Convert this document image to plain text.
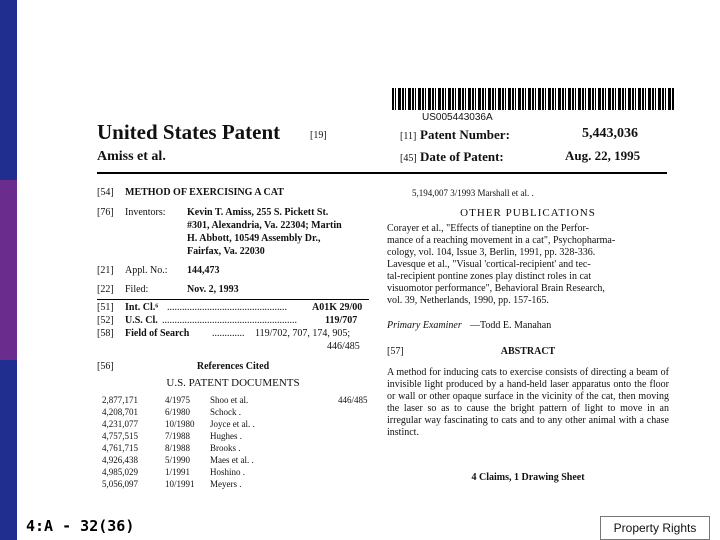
US005443036A
United States Patent	[19]
Amiss et al.
[11] Patent Number:	5,443,036
[45] Date of Patent:	Aug. 22, 1995
[54] METHOD OF EXERCISING A CAT
[76] Inventors: Kevin T. Amiss, 255 S. Pickett St.
#301, Alexandria, Va. 22304; Martin
H. Abbott, 10549 Assembly Dr.,
Fairfax, Va. 22030
[21] Appl. No.: 144,473
[22] Filed:	Nov. 2, 1993
[51] Int. Cl.⁶ ................................................	A01K 29/00
[52] U.S. Cl. ......................................................	119/707
[58] Field of Search .............	119/702, 707, 174, 905;
446/485
[56]	References Cited
U.S. PATENT DOCUMENTS
2,877,171	4/1975 Shoo et al.	446/485
4,208,701	6/1980 Schock .
4,231,077	10/1980 Joyce et al. .
4,757,515	7/1988 Hughes .
4,761,715	8/1988 Brooks .
4,926,438	5/1990 Maes et al. .
4,985,029	1/1991 Hoshino .
5,056,097	10/1991 Meyers .
5,194,007 3/1993 Marshall et al. .
OTHER PUBLICATIONS
Corayer et al., "Effects of tianeptine on the Perfor-
mance of a reaching movement in a cat", Psychopharma-
cology, vol. 104, Issue 3, Berlin, 1991, pp. 328-336.
Lavesque et al., "Visual 'cortical-recipient' and tec-
tal-recipient pontine zones play distinct roles in cat
visuomotor performance", Behavioral Brain Research,
vol. 39, Netherlands, 1990, pp. 157-165.
Primary Examiner —Todd E. Manahan
[57]	ABSTRACT
A method for inducing cats to exercise consists of directing a beam of invisible light produced by a hand-held laser apparatus onto the floor or wall or other opaque surface in the vicinity of the cat, then moving the laser so as to cause the bright pattern of light to move in an irregular way fascinating to cats and to any other animal with a chase instinct.
4 Claims, 1 Drawing Sheet
4:A - 32(36)	Property Rights
